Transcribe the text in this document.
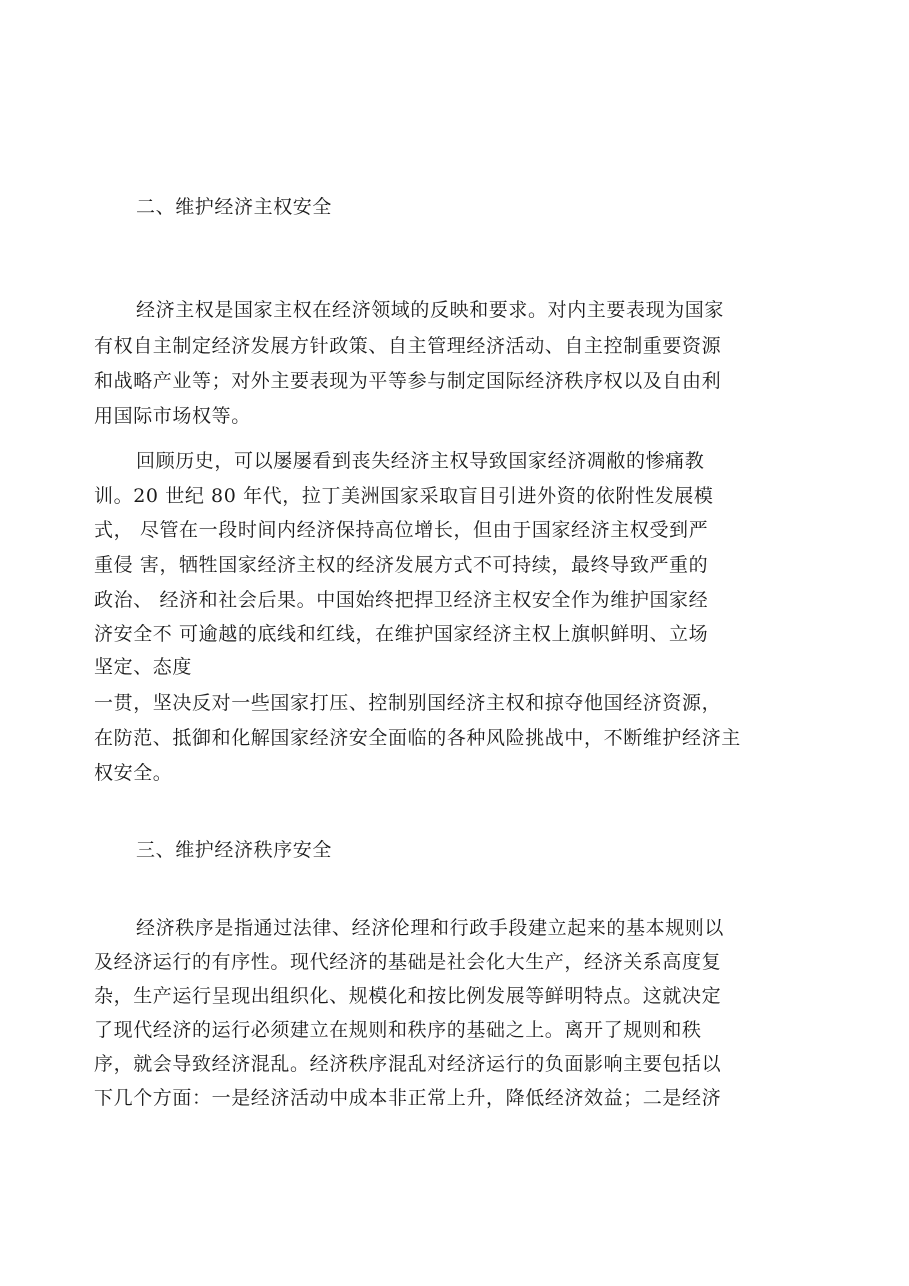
二、维护经济主权安全
经济主权是国家主权在经济领域的反映和要求。对内主要表现为国家
有权自主制定经济发展方针政策、自主管理经济活动、自主控制重要资源
和战略产业等；对外主要表现为平等参与制定国际经济秩序权以及自由利
用国际市场权等。
回顾历史，可以屡屡看到丧失经济主权导致国家经济凋敝的惨痛教
训。20 世纪 80 年代，拉丁美洲国家采取盲目引进外资的依附性发展模
式， 尽管在一段时间内经济保持高位增长，但由于国家经济主权受到严
重侵 害，牺牲国家经济主权的经济发展方式不可持续，最终导致严重的
政治、 经济和社会后果。中国始终把捍卫经济主权安全作为维护国家经
济安全不 可逾越的底线和红线，在维护国家经济主权上旗帜鲜明、立场
坚定、态度
一贯，坚决反对一些国家打压、控制别国经济主权和掠夺他国经济资源，
在防范、抵御和化解国家经济安全面临的各种风险挑战中，不断维护经济主
权安全。
三、维护经济秩序安全
经济秩序是指通过法律、经济伦理和行政手段建立起来的基本规则以
及经济运行的有序性。现代经济的基础是社会化大生产，经济关系高度复
杂，生产运行呈现出组织化、规模化和按比例发展等鲜明特点。这就决定
了现代经济的运行必须建立在规则和秩序的基础之上。离开了规则和秩
序，就会导致经济混乱。经济秩序混乱对经济运行的负面影响主要包括以
下几个方面：一是经济活动中成本非正常上升，降低经济效益；二是经济
